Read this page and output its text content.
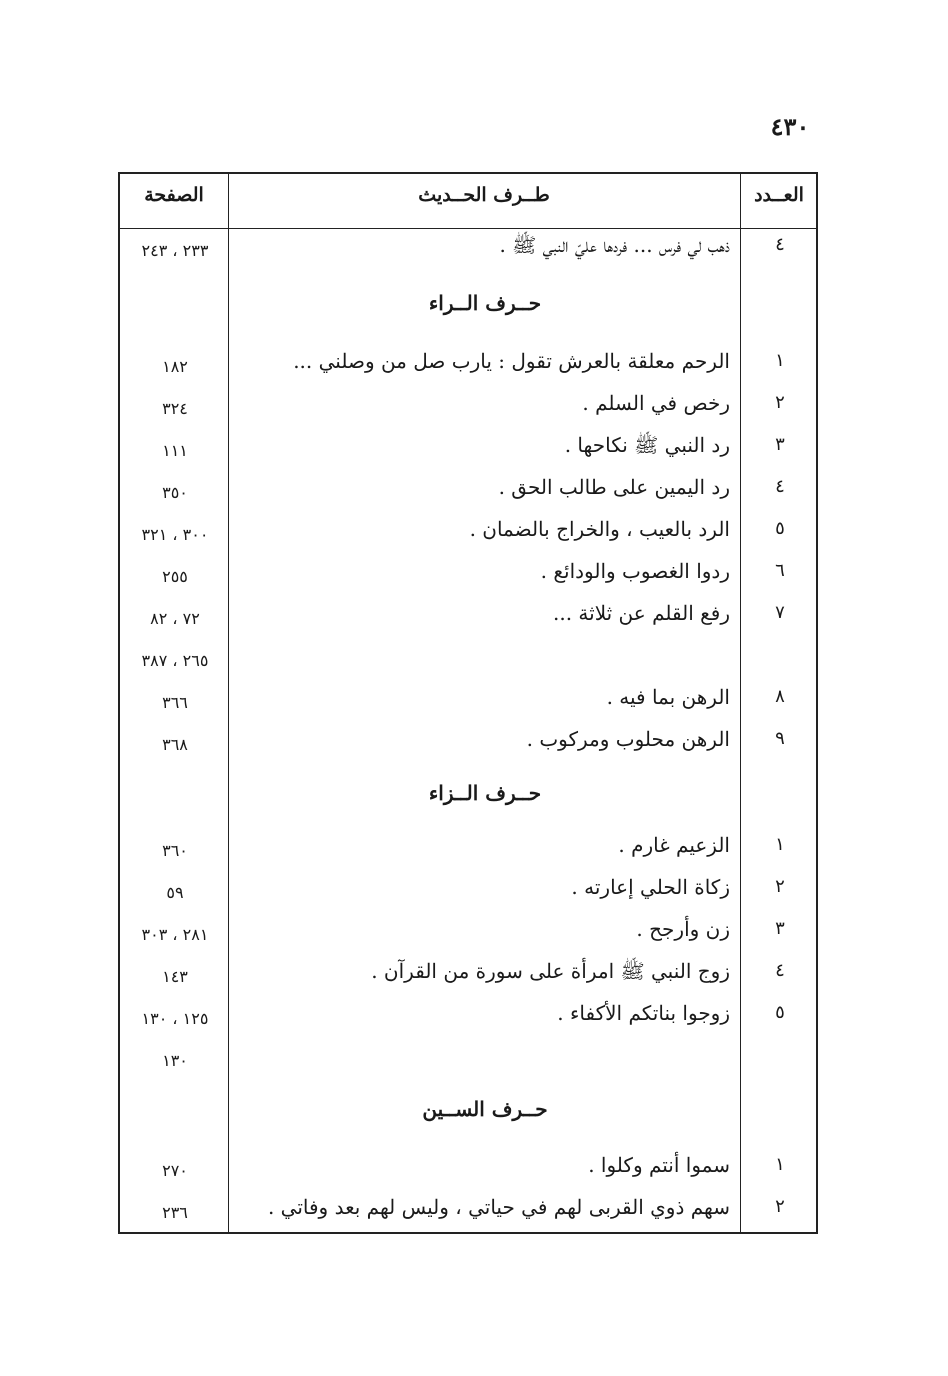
٤٣٠
العــدد
طــرف الحــديث
الصفحة
٤
ذهب لي فرس ... فردها عليّ النبي ﷺ .
٢٣٣ ، ٢٤٣
حــرف الــراء
١
الرحم معلقة بالعرش تقول : يارب صل من وصلني ...
١٨٢
٢
رخص في السلم .
٣٢٤
٣
رد النبي ﷺ نكاحها .
١١١
٤
رد اليمين على طالب الحق .
٣٥٠
٥
الرد بالعيب ، والخراج بالضمان .
٣٠٠ ، ٣٢١
٦
ردوا الغصوب والودائع .
٢٥٥
٧
رفع القلم عن ثلاثة ...
٧٢ ، ٨٢
٢٦٥ ، ٣٨٧
٨
الرهن بما فيه .
٣٦٦
٩
الرهن محلوب ومركوب .
٣٦٨
حــرف الــزاء
١
الزعيم غارم .
٣٦٠
٢
زكاة الحلي إعارته .
٥٩
٣
زن وأرجح .
٢٨١ ، ٣٠٣
٤
زوج النبي ﷺ امرأة على سورة من القرآن .
١٤٣
٥
زوجوا بناتكم الأكفاء .
١٢٥ ، ١٣٠
١٣٠
حــرف الســين
١
سموا أنتم وكلوا .
٢٧٠
٢
سهم ذوي القربى لهم في حياتي ، وليس لهم بعد وفاتي .
٢٣٦
